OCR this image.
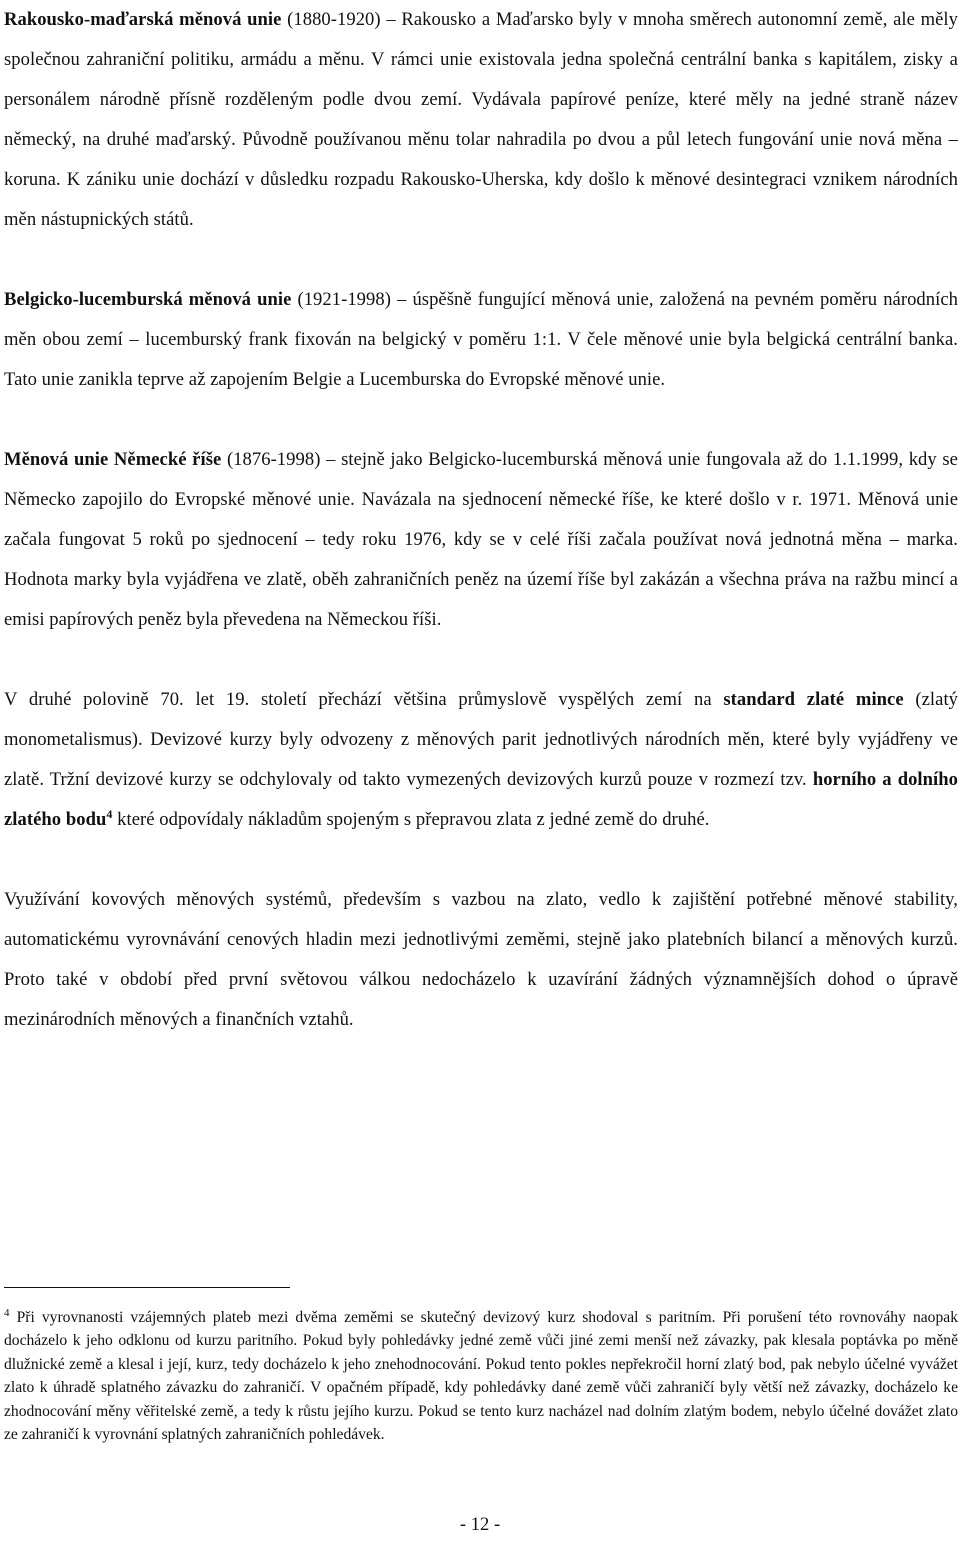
Rakousko-maďarská měnová unie (1880-1920) – Rakousko a Maďarsko byly v mnoha směrech autonomní země, ale měly společnou zahraniční politiku, armádu a měnu. V rámci unie existovala jedna společná centrální banka s kapitálem, zisky a personálem národně přísně rozděleným podle dvou zemí. Vydávala papírové peníze, které měly na jedné straně název německý, na druhé maďarský. Původně používanou měnu tolar nahradila po dvou a půl letech fungování unie nová měna – koruna. K zániku unie dochází v důsledku rozpadu Rakousko-Uherska, kdy došlo k měnové desintegraci vznikem národních měn nástupnických států.

Belgicko-lucemburská měnová unie (1921-1998) – úspěšně fungující měnová unie, založená na pevném poměru národních měn obou zemí – lucemburský frank fixován na belgický v poměru 1:1. V čele měnové unie byla belgická centrální banka. Tato unie zanikla teprve až zapojením Belgie a Lucemburska do Evropské měnové unie.

Měnová unie Německé říše (1876-1998) – stejně jako Belgicko-lucemburská měnová unie fungovala až do 1.1.1999, kdy se Německo zapojilo do Evropské měnové unie. Navázala na sjednocení německé říše, ke které došlo v r. 1971. Měnová unie začala fungovat 5 roků po sjednocení – tedy roku 1976, kdy se v celé říši začala používat nová jednotná měna – marka. Hodnota marky byla vyjádřena ve zlatě, oběh zahraničních peněz na území říše byl zakázán a všechna práva na ražbu mincí a emisi papírových peněz byla převedena na Německou říši.

V druhé polovině 70. let 19. století přechází většina průmyslově vyspělých zemí na standard zlaté mince (zlatý monometalismus). Devizové kurzy byly odvozeny z měnových parit jednotlivých národních měn, které byly vyjádřeny ve zlatě. Tržní devizové kurzy se odchylovaly od takto vymezených devizových kurzů pouze v rozmezí tzv. horního a dolního zlatého bodu$^4$ které odpovídaly nákladům spojeným s přepravou zlata z jedné země do druhé.

Využívání kovových měnových systémů, především s vazbou na zlato, vedlo k zajištění potřebné měnové stability, automatickému vyrovnávání cenových hladin mezi jednotlivými zeměmi, stejně jako platebních bilancí a měnových kurzů. Proto také v období před první světovou válkou nedocházelo k uzavírání žádných významnějších dohod o úpravě mezinárodních měnových a finančních vztahů.

$^4$ Při vyrovnanosti vzájemných plateb mezi dvěma zeměmi se skutečný devizový kurz shodoval s paritním. Při porušení této rovnováhy naopak docházelo k jeho odklonu od kurzu paritního. Pokud byly pohledávky jedné země vůči jiné zemi menší než závazky, pak klesala poptávka po měně dlužnické země a klesal i její, kurz, tedy docházelo k jeho znehodnocování. Pokud tento pokles nepřekročil horní zlatý bod, pak nebylo účelné vyvážet zlato k úhradě splatného závazku do zahraničí. V opačném případě, kdy pohledávky dané země vůči zahraničí byly větší než závazky, docházelo ke zhodnocování měny věřitelské země, a tedy k růstu jejího kurzu. Pokud se tento kurz nacházel nad dolním zlatým bodem, nebylo účelné dovážet zlato ze zahraničí k vyrovnání splatných zahraničních pohledávek.

- 12 -
